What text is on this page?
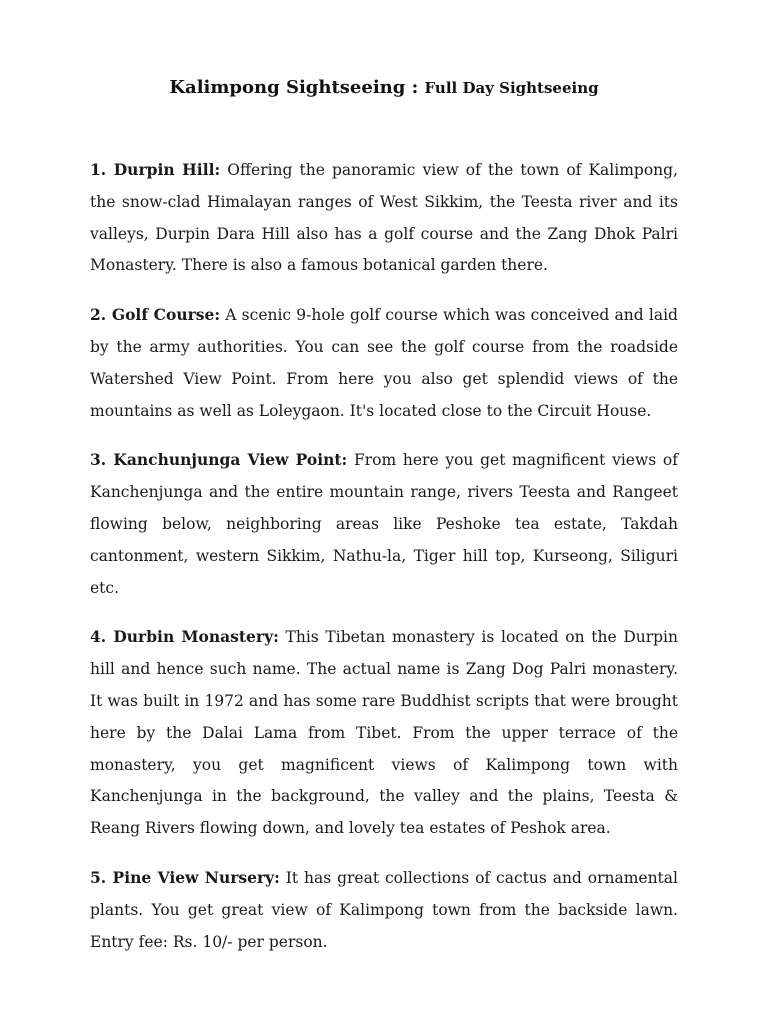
Kalimpong Sightseeing : Full Day Sightseeing

1. Durpin Hill: Offering the panoramic view of the town of Kalimpong, the snow-clad Himalayan ranges of West Sikkim, the Teesta river and its valleys, Durpin Dara Hill also has a golf course and the Zang Dhok Palri Monastery. There is also a famous botanical garden there.

2. Golf Course: A scenic 9-hole golf course which was conceived and laid by the army authorities. You can see the golf course from the roadside Watershed View Point. From here you also get splendid views of the mountains as well as Loleygaon. It's located close to the Circuit House.

3. Kanchunjunga View Point: From here you get magnificent views of Kanchenjunga and the entire mountain range, rivers Teesta and Rangeet flowing below, neighboring areas like Peshoke tea estate, Takdah cantonment, western Sikkim, Nathu-la, Tiger hill top, Kurseong, Siliguri etc.

4. Durbin Monastery: This Tibetan monastery is located on the Durpin hill and hence such name. The actual name is Zang Dog Palri monastery. It was built in 1972 and has some rare Buddhist scripts that were brought here by the Dalai Lama from Tibet. From the upper terrace of the monastery, you get magnificent views of Kalimpong town with Kanchenjunga in the background, the valley and the plains, Teesta & Reang Rivers flowing down, and lovely tea estates of Peshok area.

5. Pine View Nursery: It has great collections of cactus and ornamental plants. You get great view of Kalimpong town from the backside lawn. Entry fee: Rs. 10/- per person.
